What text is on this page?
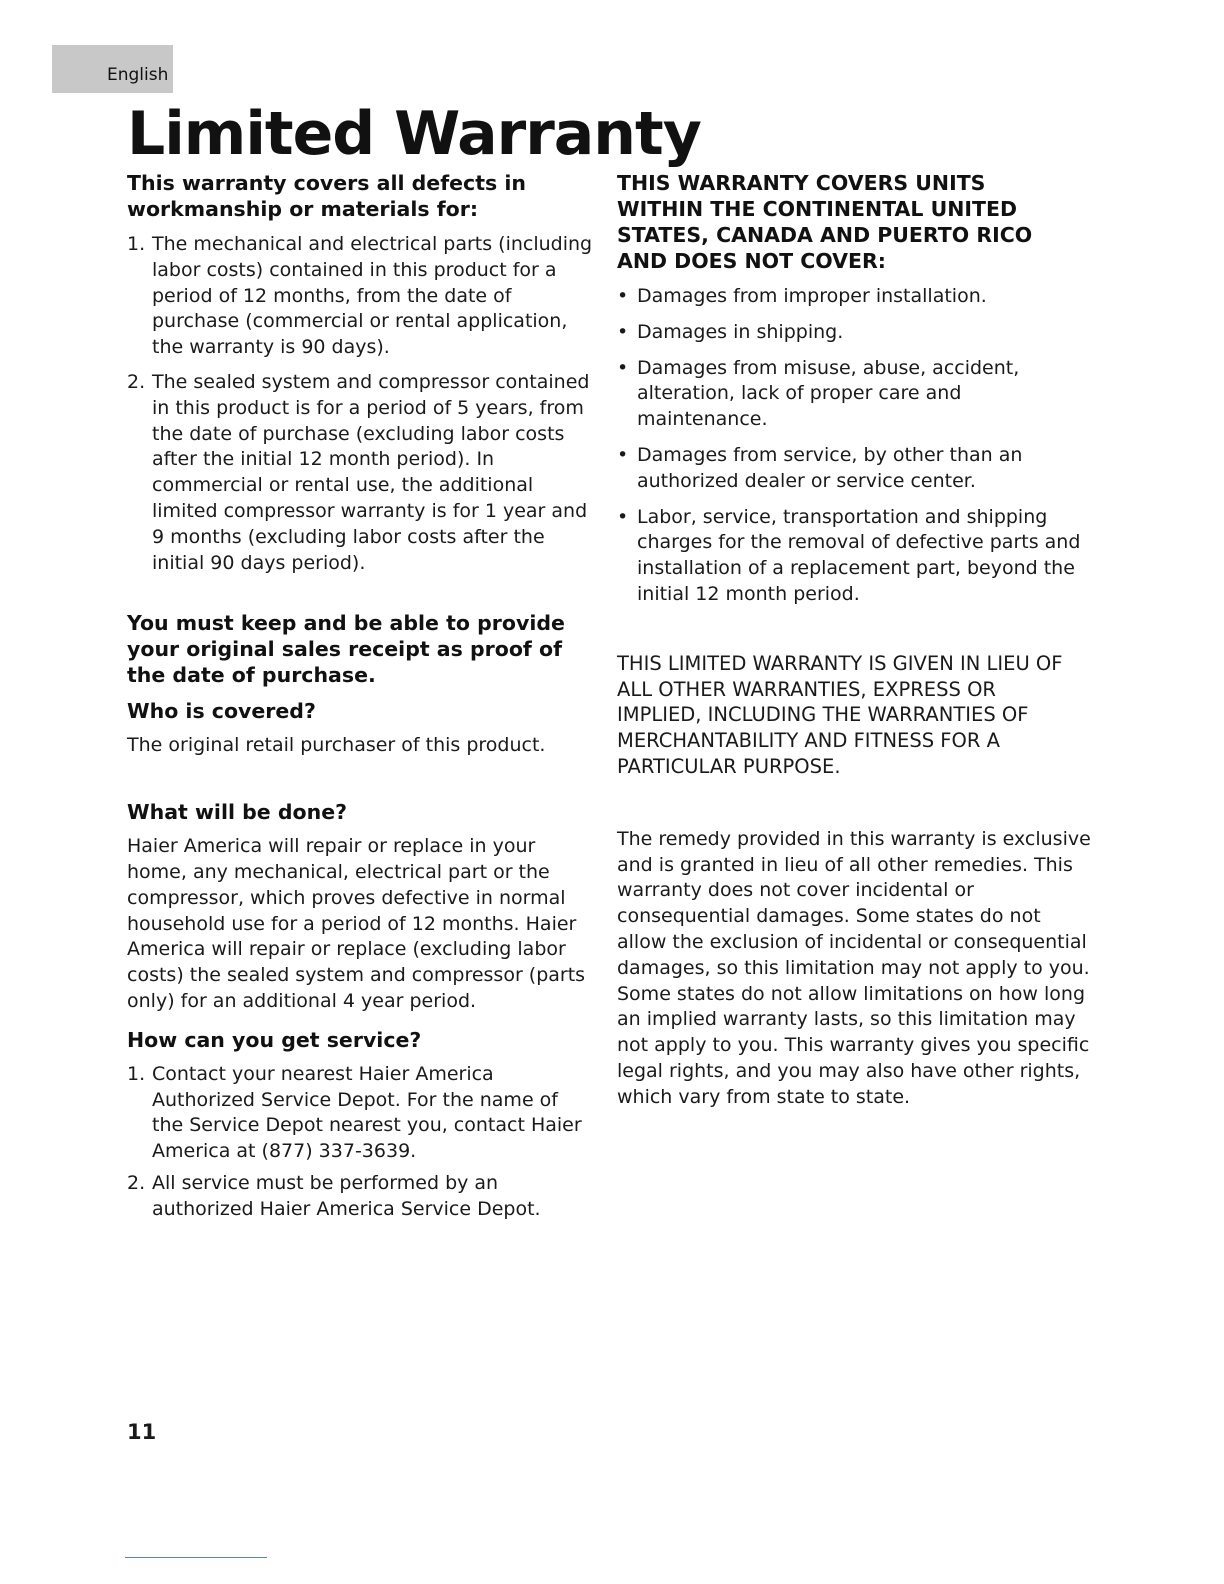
English
Limited Warranty

This warranty covers all defects in workmanship or materials for:

1. The mechanical and electrical parts (including labor costs) contained in this product for a period of 12 months, from the date of purchase (commercial or rental application, the warranty is 90 days).
2. The sealed system and compressor contained in this product is for a period of 5 years, from the date of purchase (excluding labor costs after the initial 12 month period). In commercial or rental use, the additional limited compressor warranty is for 1 year and 9 months (excluding labor costs after the initial 90 days period).

You must keep and be able to provide your original sales receipt as proof of the date of purchase.

Who is covered?

The original retail purchaser of this product.

What will be done?

Haier America will repair or replace in your home, any mechanical, electrical part or the compressor, which proves defective in normal household use for a period of 12 months. Haier America will repair or replace (excluding labor costs) the sealed system and compressor (parts only) for an additional 4 year period.

How can you get service?

1. Contact your nearest Haier America Authorized Service Depot. For the name of the Service Depot nearest you, contact Haier America at (877) 337-3639.
2. All service must be performed by an authorized Haier America Service Depot.

THIS WARRANTY COVERS UNITS WITHIN THE CONTINENTAL UNITED STATES, CANADA AND PUERTO RICO AND DOES NOT COVER:

• Damages from improper installation.
• Damages in shipping.
• Damages from misuse, abuse, accident, alteration, lack of proper care and maintenance.
• Damages from service, by other than an authorized dealer or service center.
• Labor, service, transportation and shipping charges for the removal of defective parts and installation of a replacement part, beyond the initial 12 month period.

THIS LIMITED WARRANTY IS GIVEN IN LIEU OF ALL OTHER WARRANTIES, EXPRESS OR IMPLIED, INCLUDING THE WARRANTIES OF MERCHANTABILITY AND FITNESS FOR A PARTICULAR PURPOSE.

The remedy provided in this warranty is exclusive and is granted in lieu of all other remedies. This warranty does not cover incidental or consequential damages. Some states do not allow the exclusion of incidental or consequential damages, so this limitation may not apply to you. Some states do not allow limitations on how long an implied warranty lasts, so this limitation may not apply to you. This warranty gives you specific legal rights, and you may also have other rights, which vary from state to state.

11
